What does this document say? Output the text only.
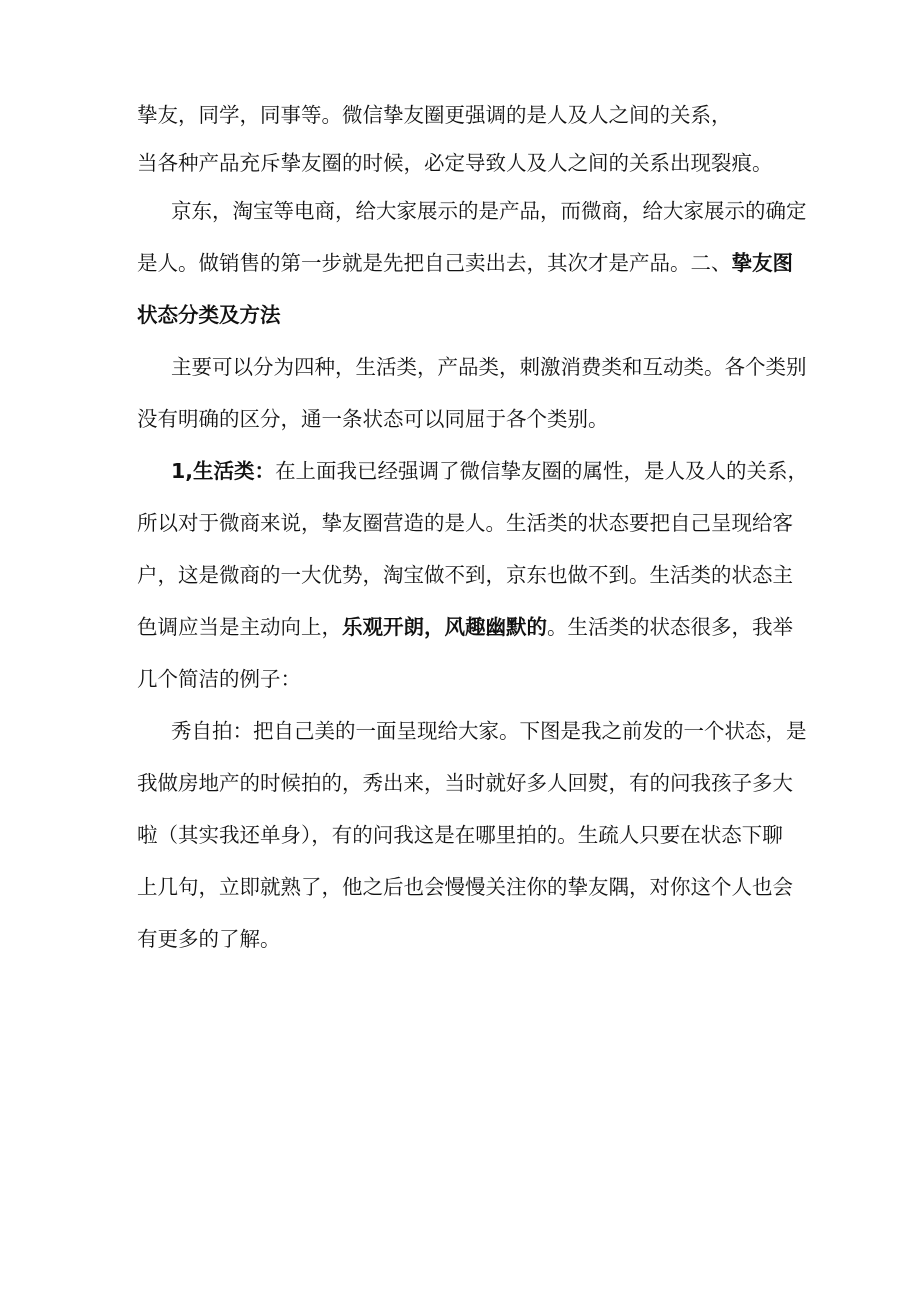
挚友，同学，同事等。微信挚友圈更强调的是人及人之间的关系，
当各种产品充斥挚友圈的时候，必定导致人及人之间的关系出现裂痕。
京东，淘宝等电商，给大家展示的是产品，而微商，给大家展示的确定
是人。做销售的第一步就是先把自己卖出去，其次才是产品。二、挚友图
状态分类及方法
主要可以分为四种，生活类，产品类，刺激消费类和互动类。各个类别
没有明确的区分，通一条状态可以同屈于各个类别。
1,生活类：在上面我已经强调了微信挚友圈的属性，是人及人的关系，
所以对于微商来说，挚友圈营造的是人。生活类的状态要把自己呈现给客
户，这是微商的一大优势，淘宝做不到，京东也做不到。生活类的状态主
色调应当是主动向上，乐观开朗，风趣幽默的。生活类的状态很多，我举
几个简洁的例子：
秀自拍：把自己美的一面呈现给大家。下图是我之前发的一个状态，是
我做房地产的时候拍的，秀出来，当时就好多人回熨，有的问我孩子多大
啦（其实我还单身），有的问我这是在哪里拍的。生疏人只要在状态下聊
上几句，立即就熟了，他之后也会慢慢关注你的挚友隅，对你这个人也会
有更多的了解。
